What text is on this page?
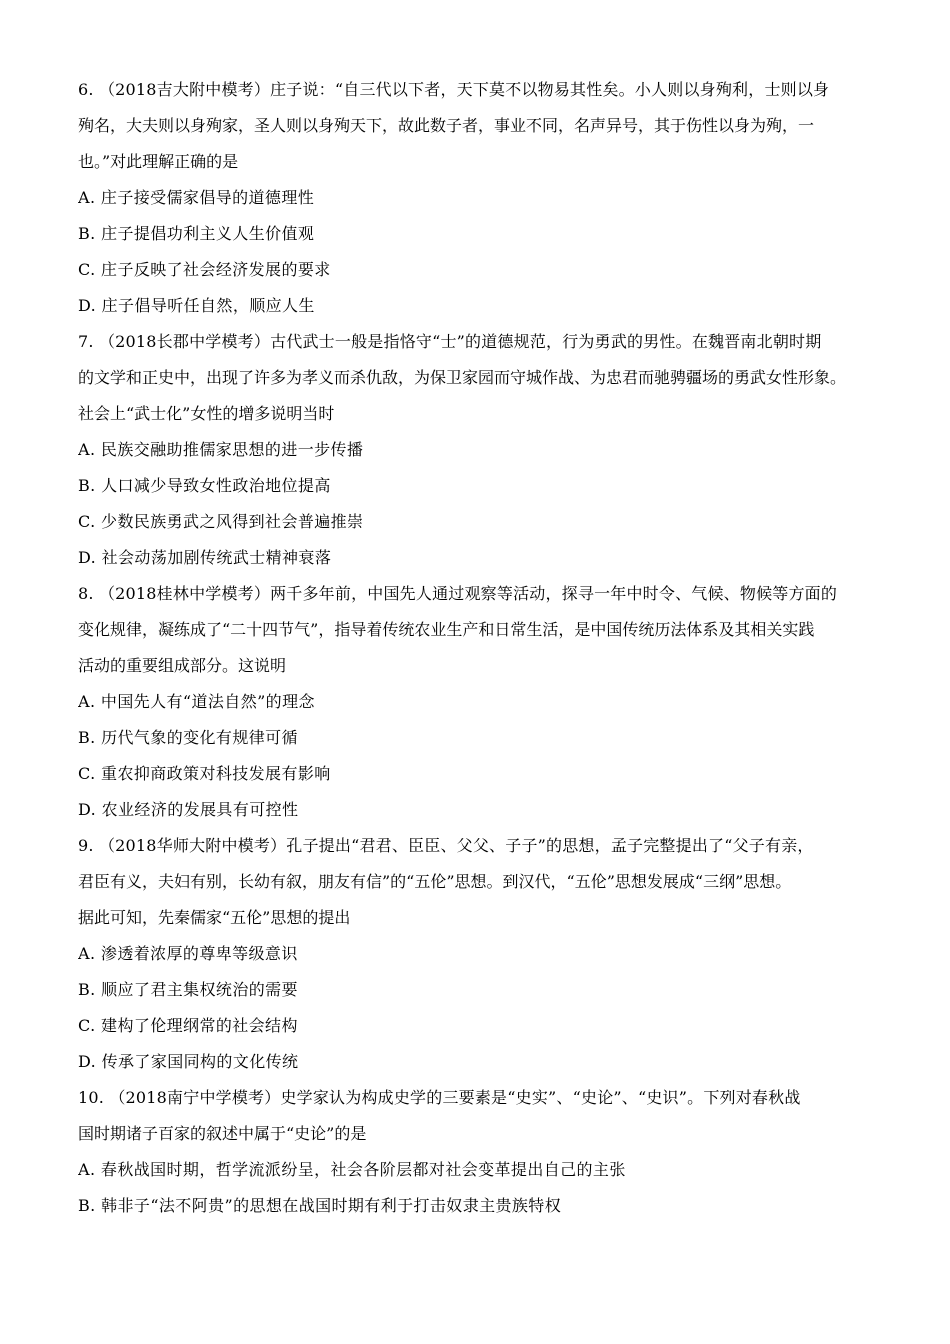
6. （2018吉大附中模考）庄子说：“自三代以下者，天下莫不以物易其性矣。小人则以身殉利，士则以身
殉名，大夫则以身殉家，圣人则以身殉天下，故此数子者，事业不同，名声异号，其于伤性以身为殉，一
也。”对此理解正确的是
A. 庄子接受儒家倡导的道德理性
B. 庄子提倡功利主义人生价值观
C. 庄子反映了社会经济发展的要求
D. 庄子倡导听任自然，顺应人生
7. （2018长郡中学模考）古代武士一般是指恪守“士”的道德规范，行为勇武的男性。在魏晋南北朝时期
的文学和正史中，出现了许多为孝义而杀仇敌，为保卫家园而守城作战、为忠君而驰骋疆场的勇武女性形象。
社会上“武士化”女性的增多说明当时
A. 民族交融助推儒家思想的进一步传播
B. 人口减少导致女性政治地位提高
C. 少数民族勇武之风得到社会普遍推崇
D. 社会动荡加剧传统武士精神衰落
8. （2018桂林中学模考）两千多年前，中国先人通过观察等活动，探寻一年中时令、气候、物候等方面的
变化规律，凝练成了“二十四节气”，指导着传统农业生产和日常生活，是中国传统历法体系及其相关实践
活动的重要组成部分。这说明
A. 中国先人有“道法自然”的理念
B. 历代气象的变化有规律可循
C. 重农抑商政策对科技发展有影响
D. 农业经济的发展具有可控性
9. （2018华师大附中模考）孔子提出“君君、臣臣、父父、子子”的思想，孟子完整提出了“父子有亲，
君臣有义，夫妇有别，长幼有叙，朋友有信”的“五伦”思想。到汉代，“五伦”思想发展成“三纲”思想。
据此可知，先秦儒家“五伦”思想的提出
A. 渗透着浓厚的尊卑等级意识
B. 顺应了君主集权统治的需要
C. 建构了伦理纲常的社会结构
D. 传承了家国同构的文化传统
10. （2018南宁中学模考）史学家认为构成史学的三要素是“史实”、“史论”、“史识”。下列对春秋战
国时期诸子百家的叙述中属于“史论”的是
A. 春秋战国时期，哲学流派纷呈，社会各阶层都对社会变革提出自己的主张
B. 韩非子“法不阿贵”的思想在战国时期有利于打击奴隶主贵族特权
